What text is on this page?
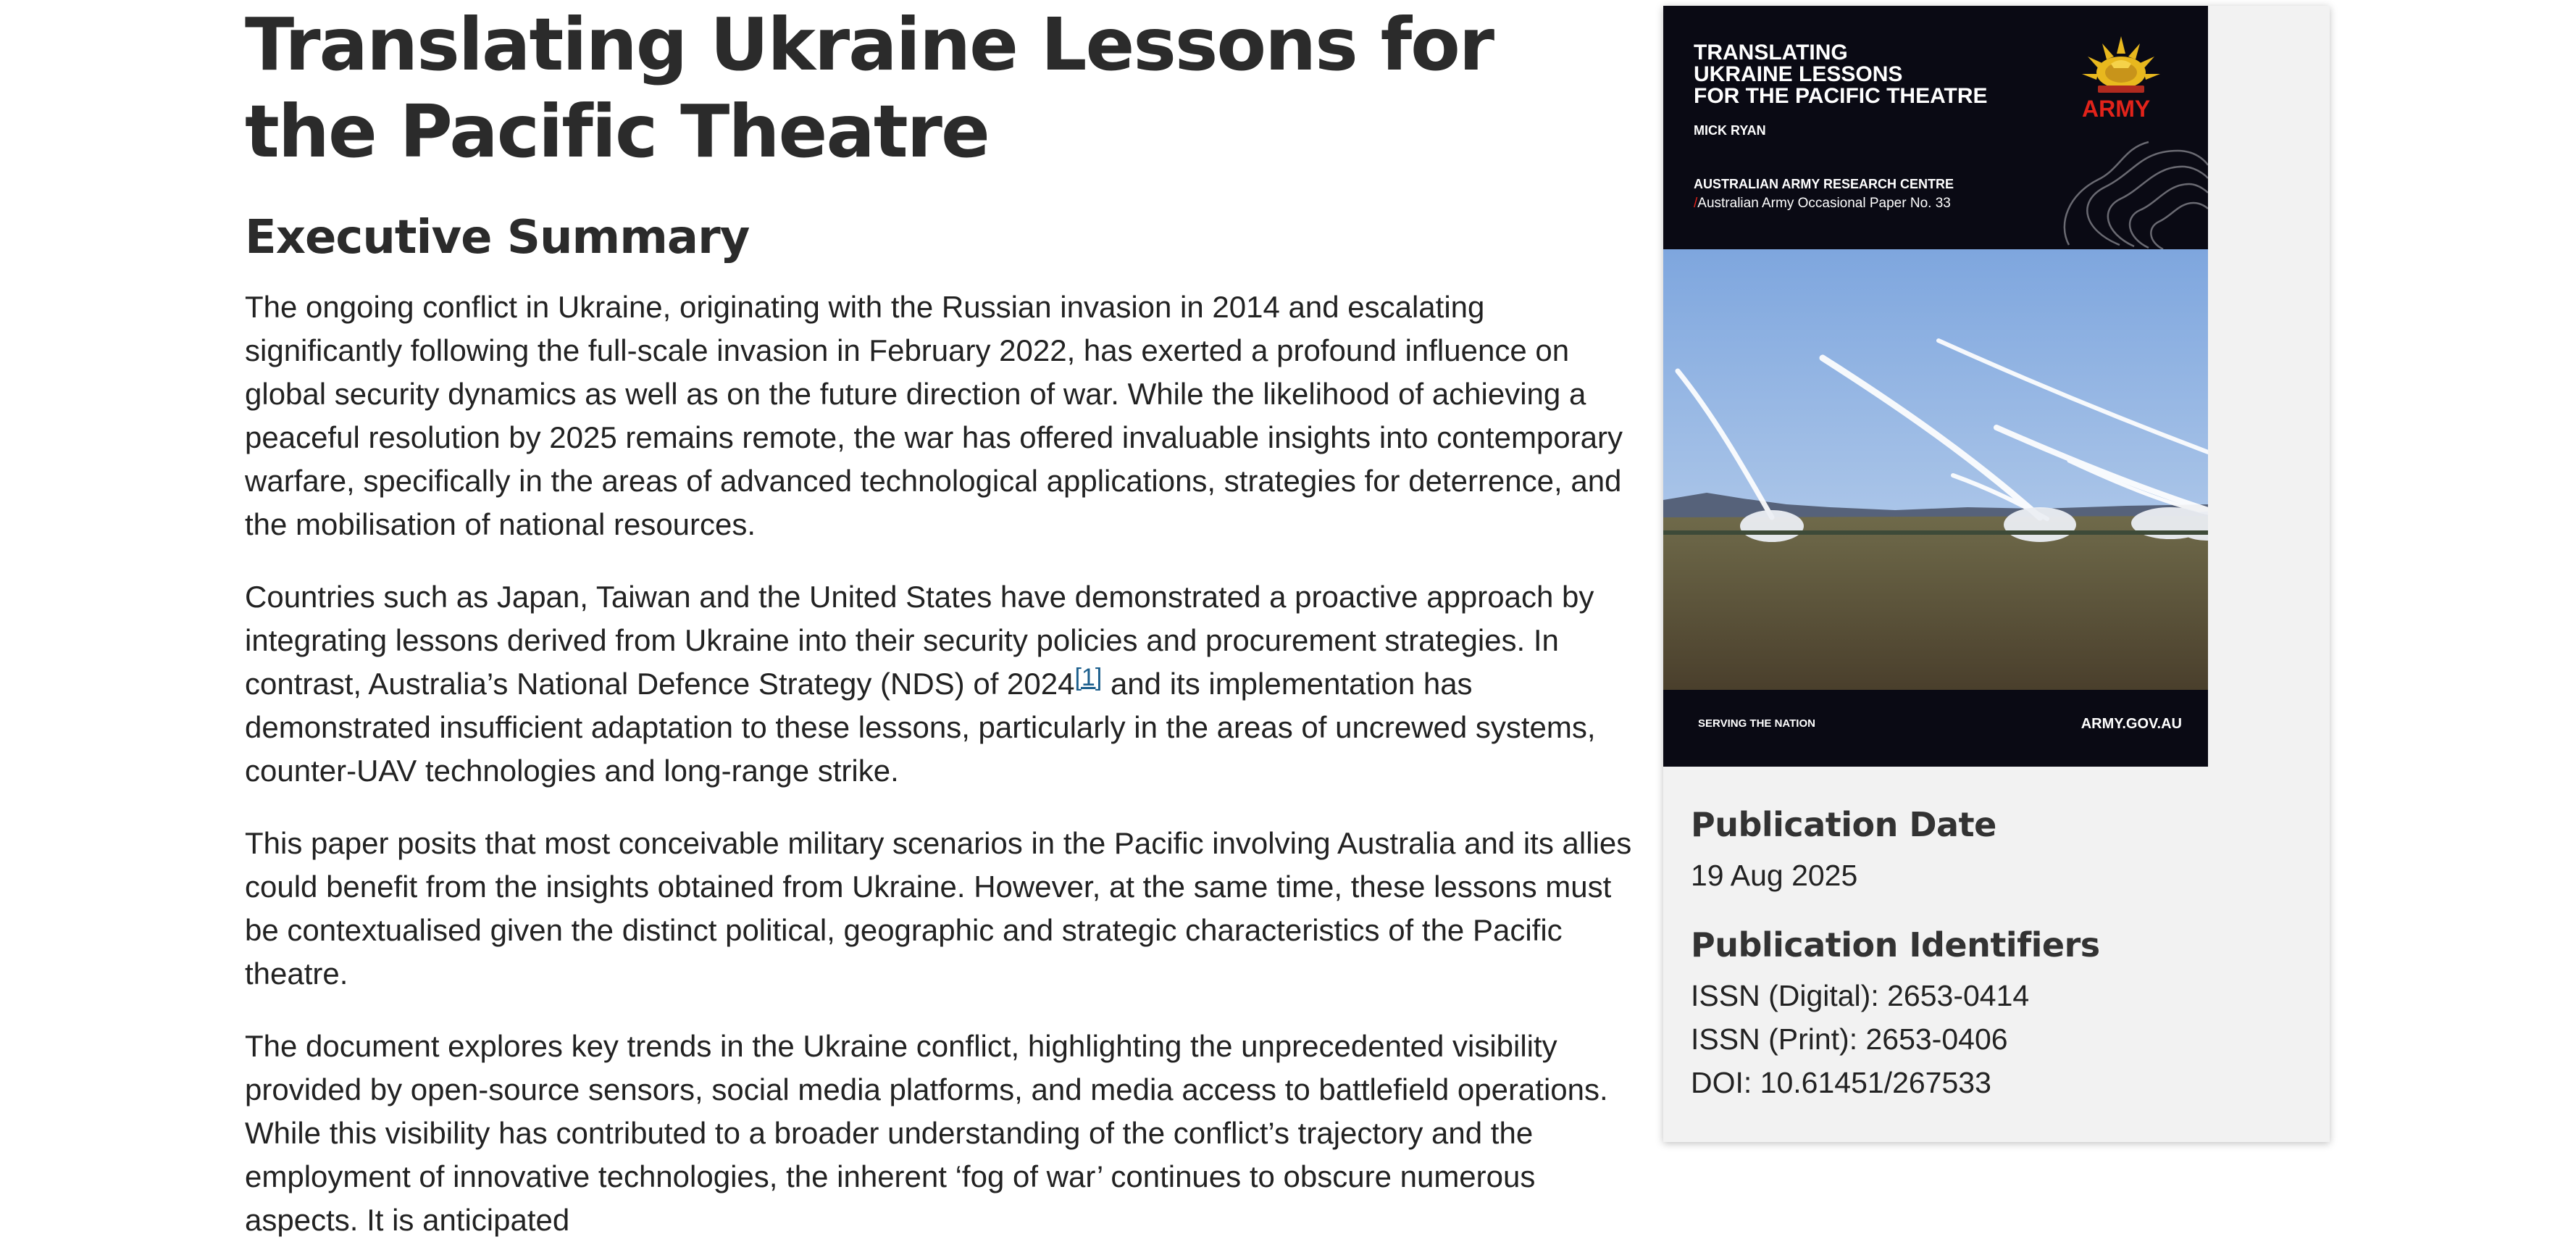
Translating Ukraine Lessons for the Pacific Theatre
Executive Summary

The ongoing conflict in Ukraine, originating with the Russian invasion in 2014 and escalating significantly following the full-scale invasion in February 2022, has exerted a profound influence on global security dynamics as well as on the future direction of war. While the likelihood of achieving a peaceful resolution by 2025 remains remote, the war has offered invaluable insights into contemporary warfare, specifically in the areas of advanced technological applications, strategies for deterrence, and the mobilisation of national resources.

Countries such as Japan, Taiwan and the United States have demonstrated a proactive approach by integrating lessons derived from Ukraine into their security policies and procurement strategies. In contrast, Australia’s National Defence Strategy (NDS) of 2024[1] and its implementation has demonstrated insufficient adaptation to these lessons, particularly in the areas of uncrewed systems, counter-UAV technologies and long-range strike.

This paper posits that most conceivable military scenarios in the Pacific involving Australia and its allies could benefit from the insights obtained from Ukraine. However, at the same time, these lessons must be contextualised given the distinct political, geographic and strategic characteristics of the Pacific theatre.

The document explores key trends in the Ukraine conflict, highlighting the unprecedented visibility provided by open-source sensors, social media platforms, and media access to battlefield operations. While this visibility has contributed to a broader understanding of the conflict’s trajectory and the employment of innovative technologies, the inherent ‘fog of war’ continues to obscure numerous aspects. It is anticipated

TRANSLATING
UKRAINE LESSONS
FOR THE PACIFIC THEATRE
MICK RYAN
AUSTRALIAN ARMY RESEARCH CENTRE
/Australian Army Occasional Paper No. 33
ARMY
SERVING THE NATION	ARMY.GOV.AU
Publication Date

19 Aug 2025

Publication Identifiers

ISSN (Digital): 2653-0414

ISSN (Print): 2653-0406

DOI: 10.61451/267533
